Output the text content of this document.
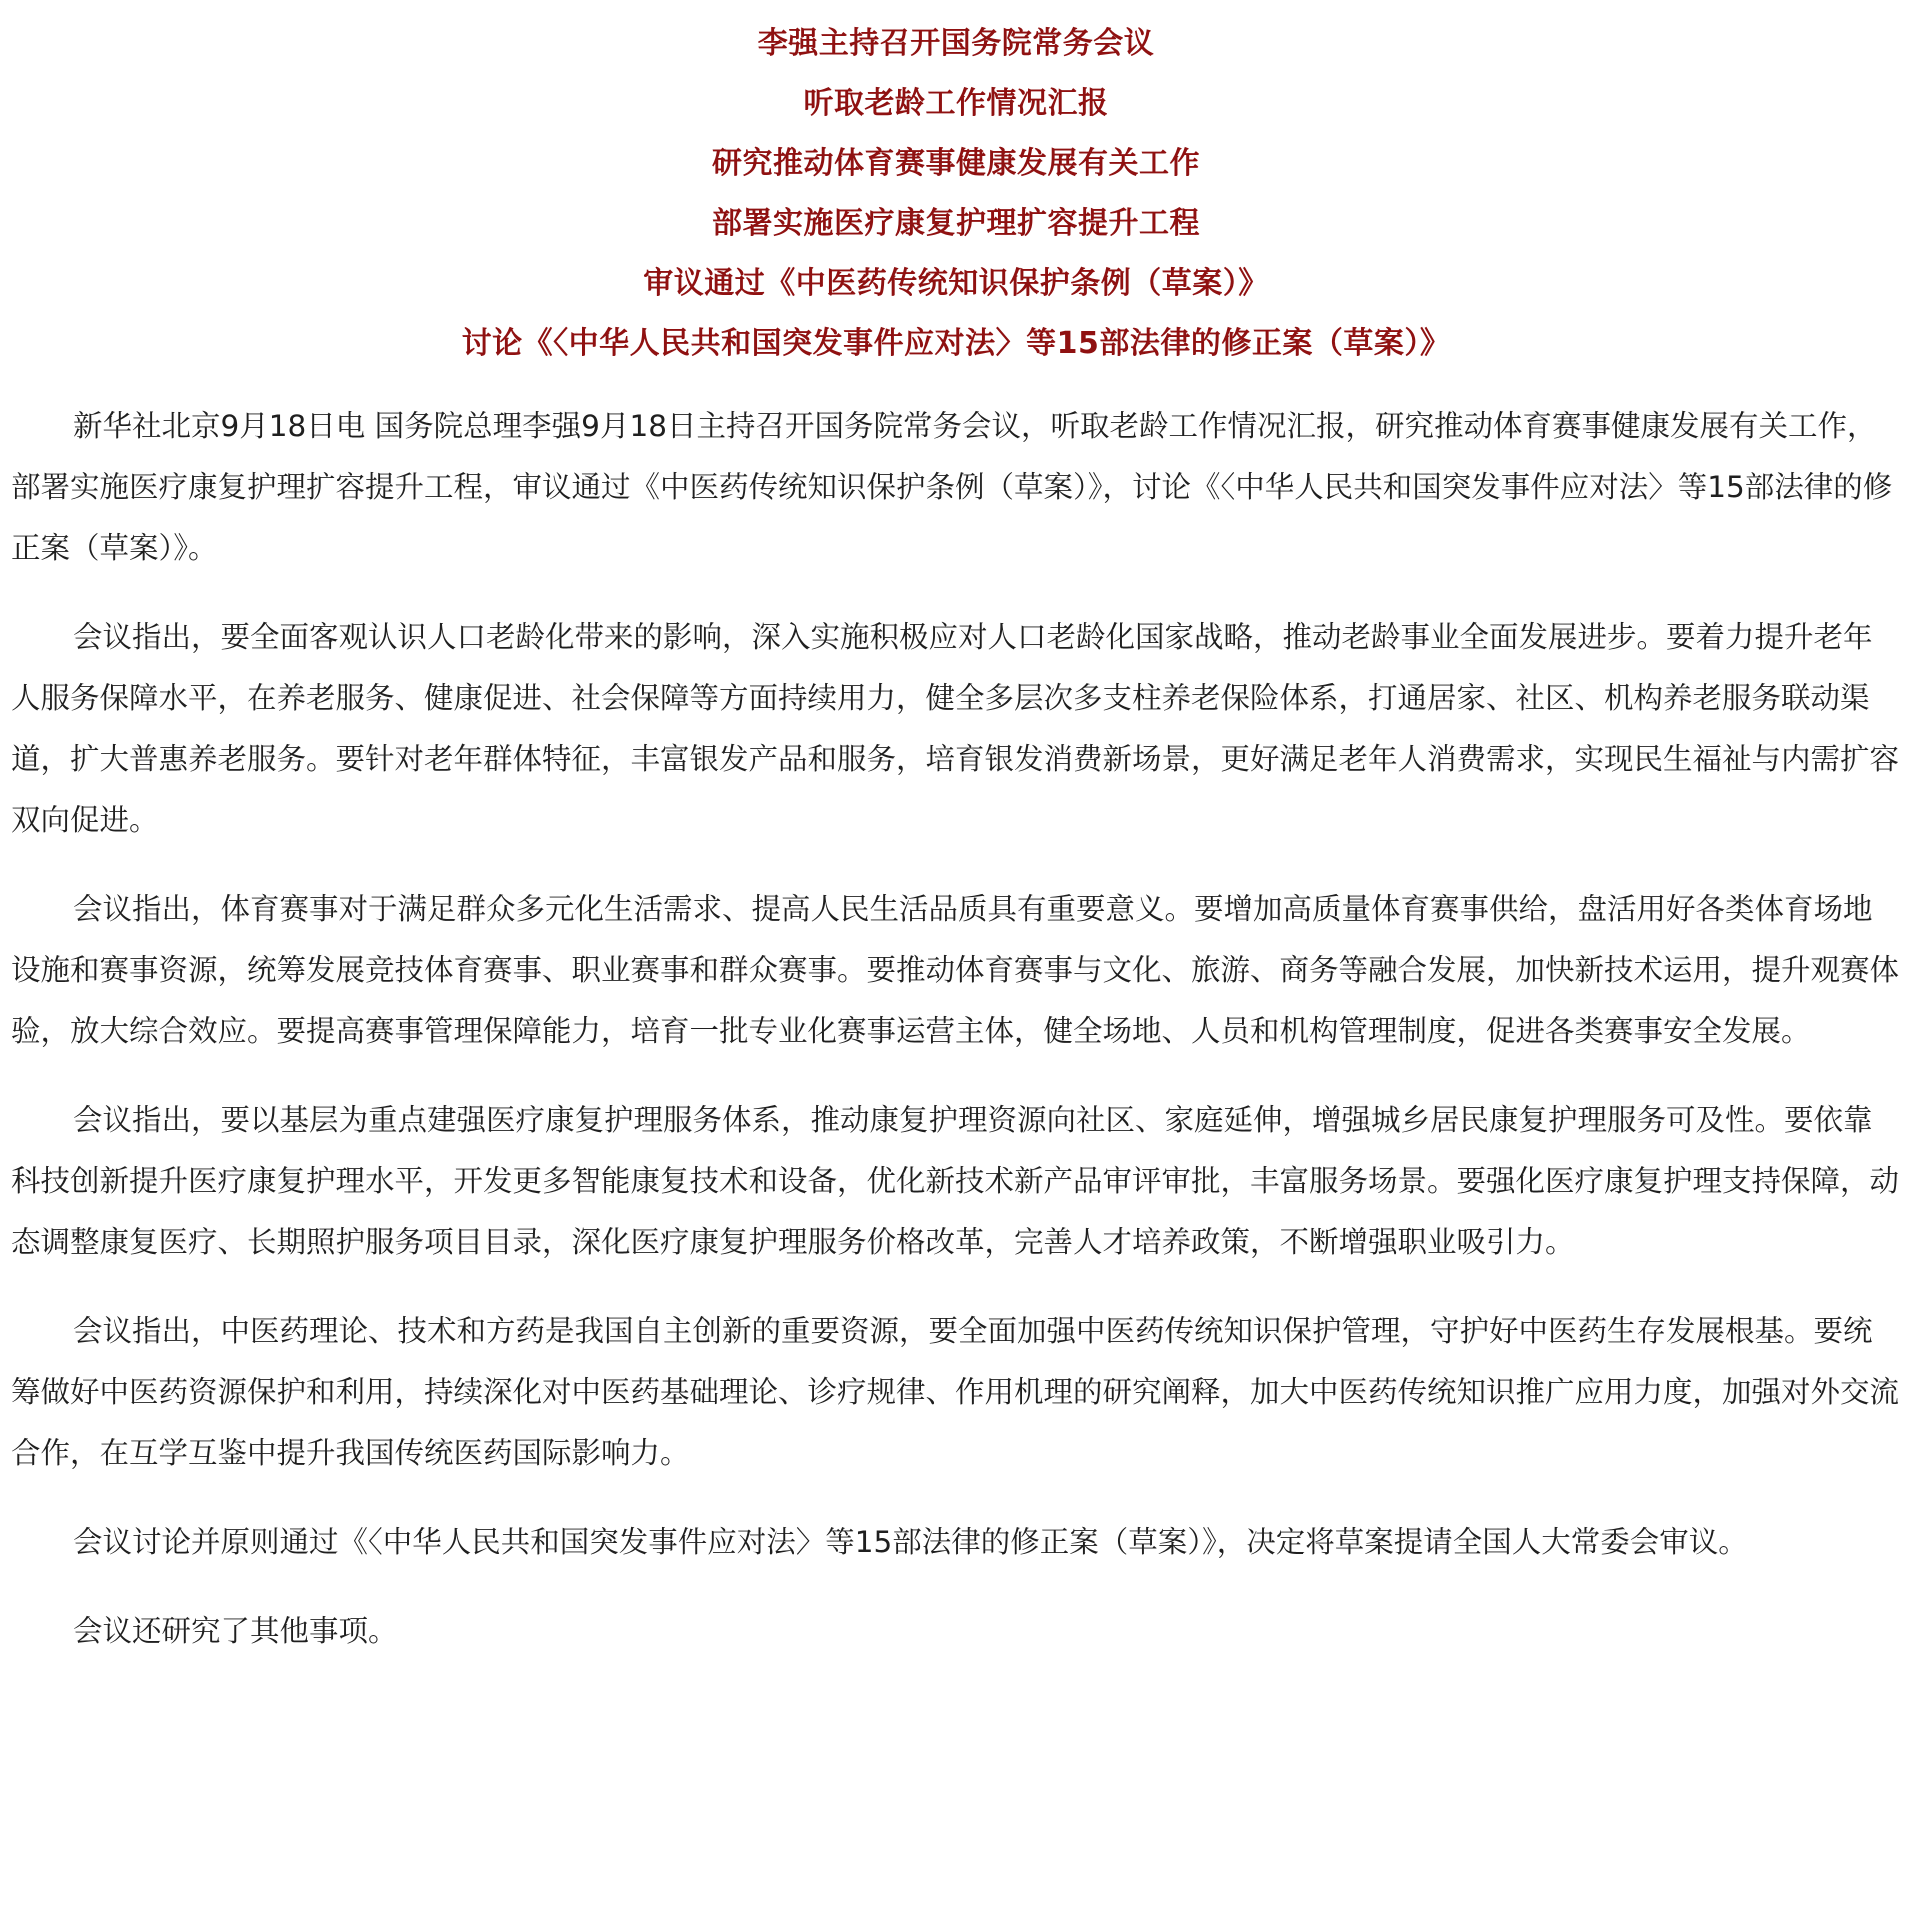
李强主持召开国务院常务会议
听取老龄工作情况汇报
研究推动体育赛事健康发展有关工作
部署实施医疗康复护理扩容提升工程
审议通过《中医药传统知识保护条例（草案）》
讨论《〈中华人民共和国突发事件应对法〉等15部法律的修正案（草案）》

新华社北京9月18日电 国务院总理李强9月18日主持召开国务院常务会议，听取老龄工作情况汇报，研究推动体育赛事健康发展有关工作，部署实施医疗康复护理扩容提升工程，审议通过《中医药传统知识保护条例（草案）》，讨论《〈中华人民共和国突发事件应对法〉等15部法律的修正案（草案）》。

会议指出，要全面客观认识人口老龄化带来的影响，深入实施积极应对人口老龄化国家战略，推动老龄事业全面发展进步。要着力提升老年人服务保障水平，在养老服务、健康促进、社会保障等方面持续用力，健全多层次多支柱养老保险体系，打通居家、社区、机构养老服务联动渠道，扩大普惠养老服务。要针对老年群体特征，丰富银发产品和服务，培育银发消费新场景，更好满足老年人消费需求，实现民生福祉与内需扩容双向促进。

会议指出，体育赛事对于满足群众多元化生活需求、提高人民生活品质具有重要意义。要增加高质量体育赛事供给，盘活用好各类体育场地设施和赛事资源，统筹发展竞技体育赛事、职业赛事和群众赛事。要推动体育赛事与文化、旅游、商务等融合发展，加快新技术运用，提升观赛体验，放大综合效应。要提高赛事管理保障能力，培育一批专业化赛事运营主体，健全场地、人员和机构管理制度，促进各类赛事安全发展。

会议指出，要以基层为重点建强医疗康复护理服务体系，推动康复护理资源向社区、家庭延伸，增强城乡居民康复护理服务可及性。要依靠科技创新提升医疗康复护理水平，开发更多智能康复技术和设备，优化新技术新产品审评审批，丰富服务场景。要强化医疗康复护理支持保障，动态调整康复医疗、长期照护服务项目目录，深化医疗康复护理服务价格改革，完善人才培养政策，不断增强职业吸引力。

会议指出，中医药理论、技术和方药是我国自主创新的重要资源，要全面加强中医药传统知识保护管理，守护好中医药生存发展根基。要统筹做好中医药资源保护和利用，持续深化对中医药基础理论、诊疗规律、作用机理的研究阐释，加大中医药传统知识推广应用力度，加强对外交流合作，在互学互鉴中提升我国传统医药国际影响力。

会议讨论并原则通过《〈中华人民共和国突发事件应对法〉等15部法律的修正案（草案）》，决定将草案提请全国人大常委会审议。

会议还研究了其他事项。
